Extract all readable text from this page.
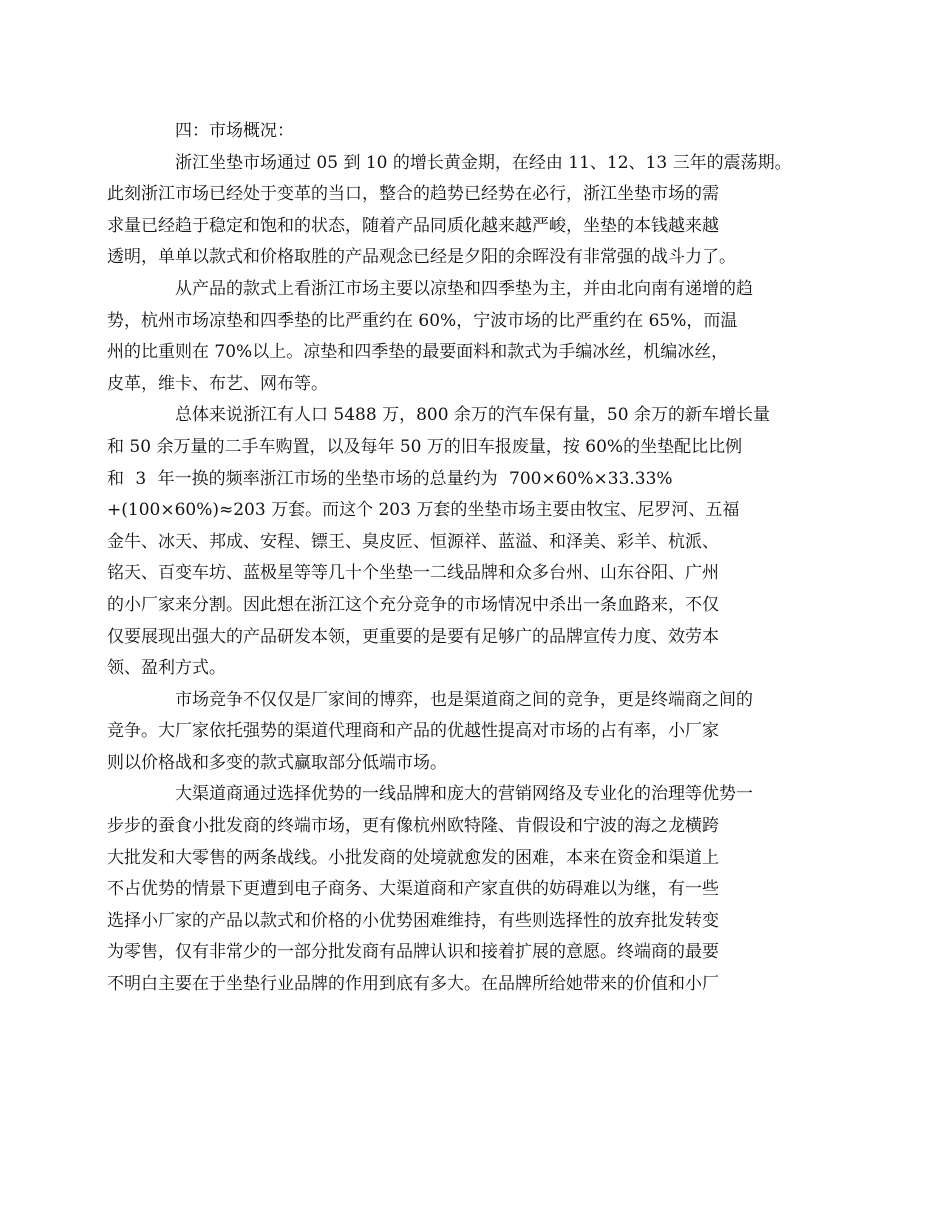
四：市场概况：

浙江坐垫市场通过 05 到 10 的增长黄金期，在经由 11、12、13 三年的震荡期。
此刻浙江市场已经处于变革的当口，整合的趋势已经势在必行，浙江坐垫市场的需
求量已经趋于稳定和饱和的状态，随着产品同质化越来越严峻，坐垫的本钱越来越
透明，单单以款式和价格取胜的产品观念已经是夕阳的余晖没有非常强的战斗力了。

从产品的款式上看浙江市场主要以凉垫和四季垫为主，并由北向南有递增的趋
势，杭州市场凉垫和四季垫的比严重约在 60%，宁波市场的比严重约在 65%，而温
州的比重则在 70%以上。凉垫和四季垫的最要面料和款式为手编冰丝，机编冰丝，
皮革，维卡、布艺、网布等。

总体来说浙江有人口 5488 万，800 余万的汽车保有量，50 余万的新车增长量
和 50 余万量的二手车购置，以及每年 50 万的旧车报废量，按 60%的坐垫配比比例
和 3 年一换的频率浙江市场的坐垫市场的总量约为 700×60%×33.33%
+(100×60%)≈203 万套。而这个 203 万套的坐垫市场主要由牧宝、尼罗河、五福
金牛、冰天、邦成、安程、镖王、臭皮匠、恒源祥、蓝溢、和泽美、彩羊、杭派、
铭天、百变车坊、蓝极星等等几十个坐垫一二线品牌和众多台州、山东谷阳、广州
的小厂家来分割。因此想在浙江这个充分竞争的市场情况中杀出一条血路来，不仅
仅要展现出强大的产品研发本领，更重要的是要有足够广的品牌宣传力度、效劳本
领、盈利方式。

市场竞争不仅仅是厂家间的博弈，也是渠道商之间的竞争，更是终端商之间的
竞争。大厂家依托强势的渠道代理商和产品的优越性提高对市场的占有率，小厂家
则以价格战和多变的款式赢取部分低端市场。

大渠道商通过选择优势的一线品牌和庞大的营销网络及专业化的治理等优势一
步步的蚕食小批发商的终端市场，更有像杭州欧特隆、肯假设和宁波的海之龙横跨
大批发和大零售的两条战线。小批发商的处境就愈发的困难，本来在资金和渠道上
不占优势的情景下更遭到电子商务、大渠道商和产家直供的妨碍难以为继，有一些
选择小厂家的产品以款式和价格的小优势困难维持，有些则选择性的放弃批发转变
为零售，仅有非常少的一部分批发商有品牌认识和接着扩展的意愿。终端商的最要
不明白主要在于坐垫行业品牌的作用到底有多大。在品牌所给她带来的价值和小厂
